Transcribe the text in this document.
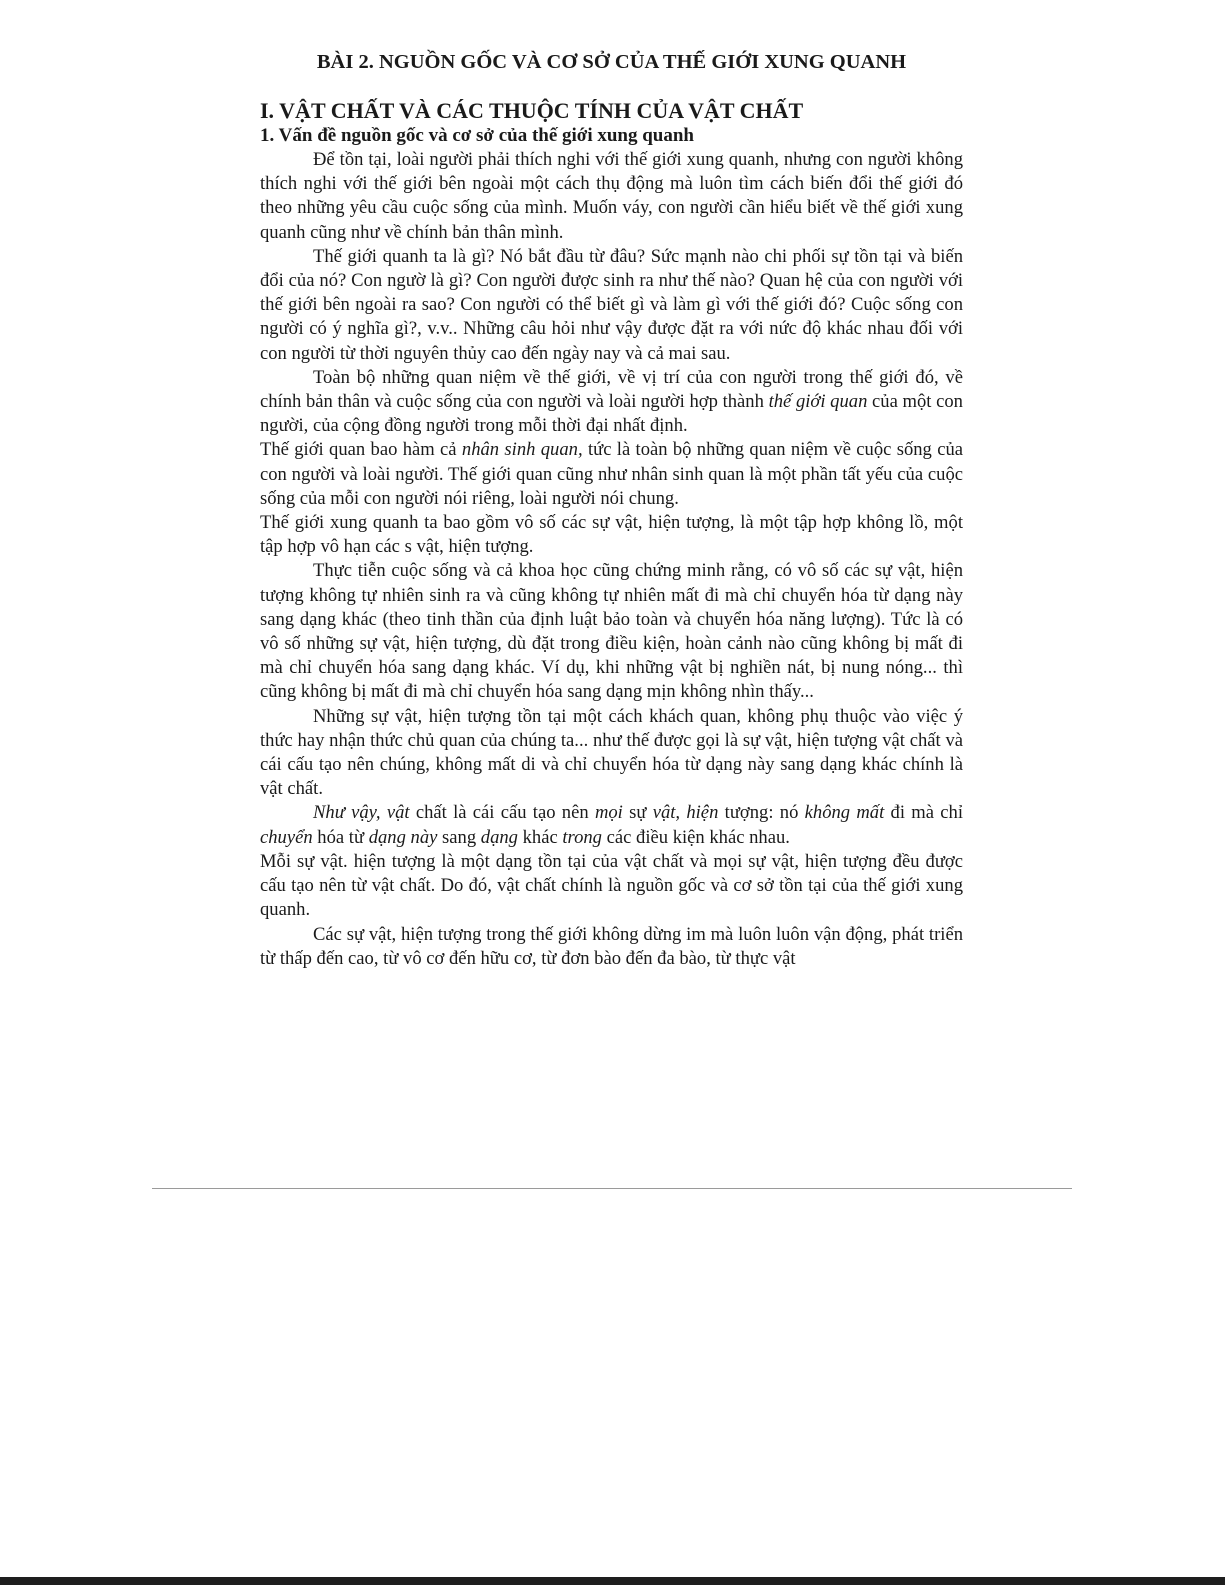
BÀI 2. NGUỒN GỐC VÀ CƠ SỞ CỦA THẾ GIỚI XUNG QUANH
I. VẬT CHẤT VÀ CÁC THUỘC TÍNH CỦA VẬT CHẤT
1. Vấn đề nguồn gốc và cơ sở của thế giới xung quanh

Để tồn tại, loài người phải thích nghi với thế giới xung quanh, nhưng con người không thích nghi với thế giới bên ngoài một cách thụ động mà luôn tìm cách biến đổi thế giới đó theo những yêu cầu cuộc sống của mình. Muốn váy, con người cần hiểu biết về thế giới xung quanh cũng như về chính bản thân mình.

Thế giới quanh ta là gì? Nó bắt đầu từ đâu? Sức mạnh nào chi phối sự tồn tại và biến đổi của nó? Con ngườ là gì? Con người được sinh ra như thế nào? Quan hệ của con người với thế giới bên ngoài ra sao? Con người có thể biết gì và làm gì với thế giới đó? Cuộc sống con người có ý nghĩa gì?, v.v.. Những câu hỏi như vậy được đặt ra với nức độ khác nhau đối với con người từ thời nguyên thủy cao đến ngày nay và cả mai sau.

Toàn bộ những quan niệm về thế giới, về vị trí của con người trong thế giới đó, về chính bản thân và cuộc sống của con người và loài người hợp thành thế giới quan của một con người, của cộng đồng người trong mỗi thời đại nhất định.

Thế giới quan bao hàm cả nhân sinh quan, tức là toàn bộ những quan niệm về cuộc sống của con người và loài người. Thế giới quan cũng như nhân sinh quan là một phần tất yếu của cuộc sống của mỗi con người nói riêng, loài người nói chung.

Thế giới xung quanh ta bao gồm vô số các sự vật, hiện tượng, là một tập hợp không lồ, một tập hợp vô hạn các s vật, hiện tượng.

Thực tiễn cuộc sống và cả khoa học cũng chứng minh rằng, có vô số các sự vật, hiện tượng không tự nhiên sinh ra và cũng không tự nhiên mất đi mà chỉ chuyển hóa từ dạng này sang dạng khác (theo tinh thần của định luật bảo toàn và chuyển hóa năng lượng). Tức là có vô số những sự vật, hiện tượng, dù đặt trong điều kiện, hoàn cảnh nào cũng không bị mất đi mà chỉ chuyển hóa sang dạng khác. Ví dụ, khi những vật bị nghiền nát, bị nung nóng... thì cũng không bị mất đi mà chỉ chuyển hóa sang dạng mịn không nhìn thấy...

Những sự vật, hiện tượng tồn tại một cách khách quan, không phụ thuộc vào việc ý thức hay nhận thức chủ quan của chúng ta... như thế được gọi là sự vật, hiện tượng vật chất và cái cấu tạo nên chúng, không mất di và chỉ chuyển hóa từ dạng này sang dạng khác chính là vật chất.

Như vậy, vật chất là cái cấu tạo nên mọi sự vật, hiện tượng: nó không mất đi mà chỉ chuyển hóa từ dạng này sang dạng khác trong các điều kiện khác nhau.

Mỗi sự vật. hiện tượng là một dạng tồn tại của vật chất và mọi sự vật, hiện tượng đều được cấu tạo nên từ vật chất. Do đó, vật chất chính là nguồn gốc và cơ sở tồn tại của thế giới xung quanh.

Các sự vật, hiện tượng trong thế giới không dừng im mà luôn luôn vận động, phát triển từ thấp đến cao, từ vô cơ đến hữu cơ, từ đơn bào đến đa bào, từ thực vật
